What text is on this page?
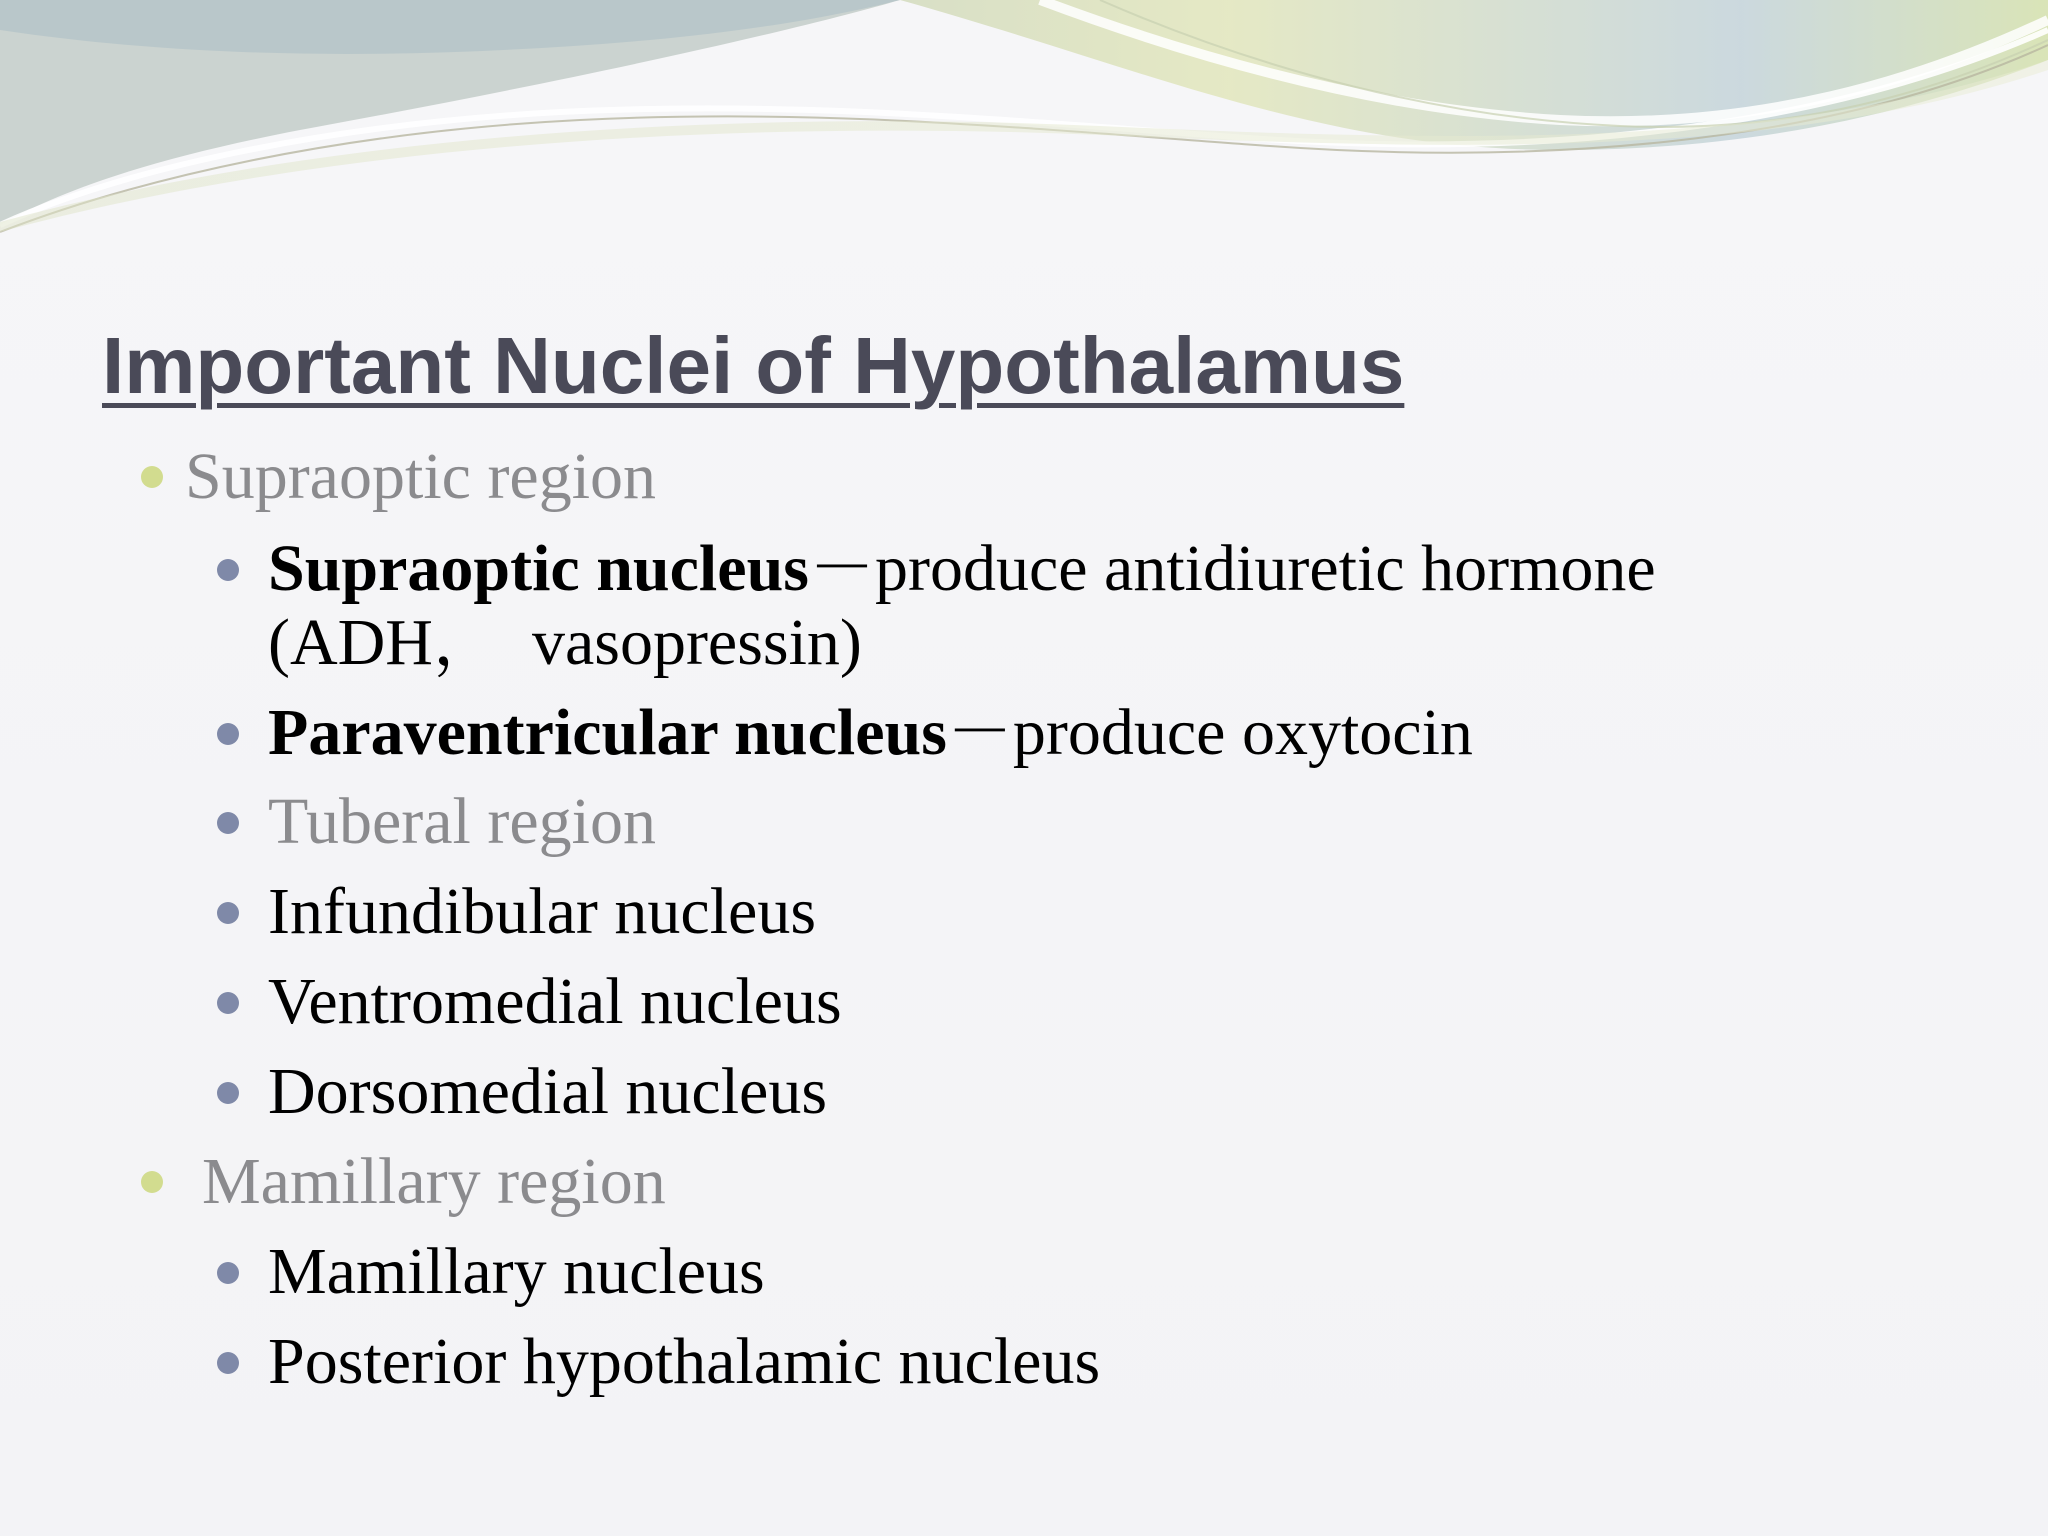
Important Nuclei of Hypothalamus
Supraoptic region
Supraoptic nucleus－produce antidiuretic hormone
(ADH，  vasopressin)
Paraventricular nucleus－produce oxytocin
Tuberal region
Infundibular nucleus
Ventromedial nucleus
Dorsomedial nucleus
Mamillary region
Mamillary nucleus
Posterior hypothalamic nucleus
